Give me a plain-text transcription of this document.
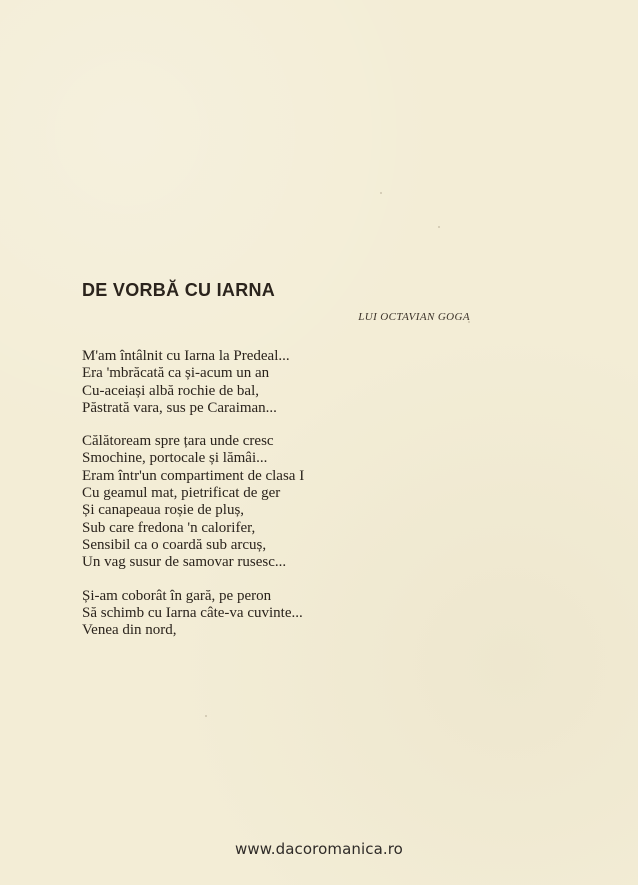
DE VORBĂ CU IARNA
LUI OCTAVIAN GOGA
M'am întâlnit cu Iarna la Predeal...
Era 'mbrăcată ca și-acum un an
Cu-aceiași albă rochie de bal,
Păstrată vara, sus pe Caraiman...
Călătoream spre țara unde cresc
Smochine, portocale și lămâi...
Eram într'un compartiment de clasa I
Cu geamul mat, pietrificat de ger
Și canapeaua roșie de pluș,
Sub care fredona 'n calorifer,
Sensibil ca o coardă sub arcuș,
Un vag susur de samovar rusesc...
Și-am coborât în gară, pe peron
Să schimb cu Iarna câte-va cuvinte...
Venea din nord,
www.dacoromanica.ro
